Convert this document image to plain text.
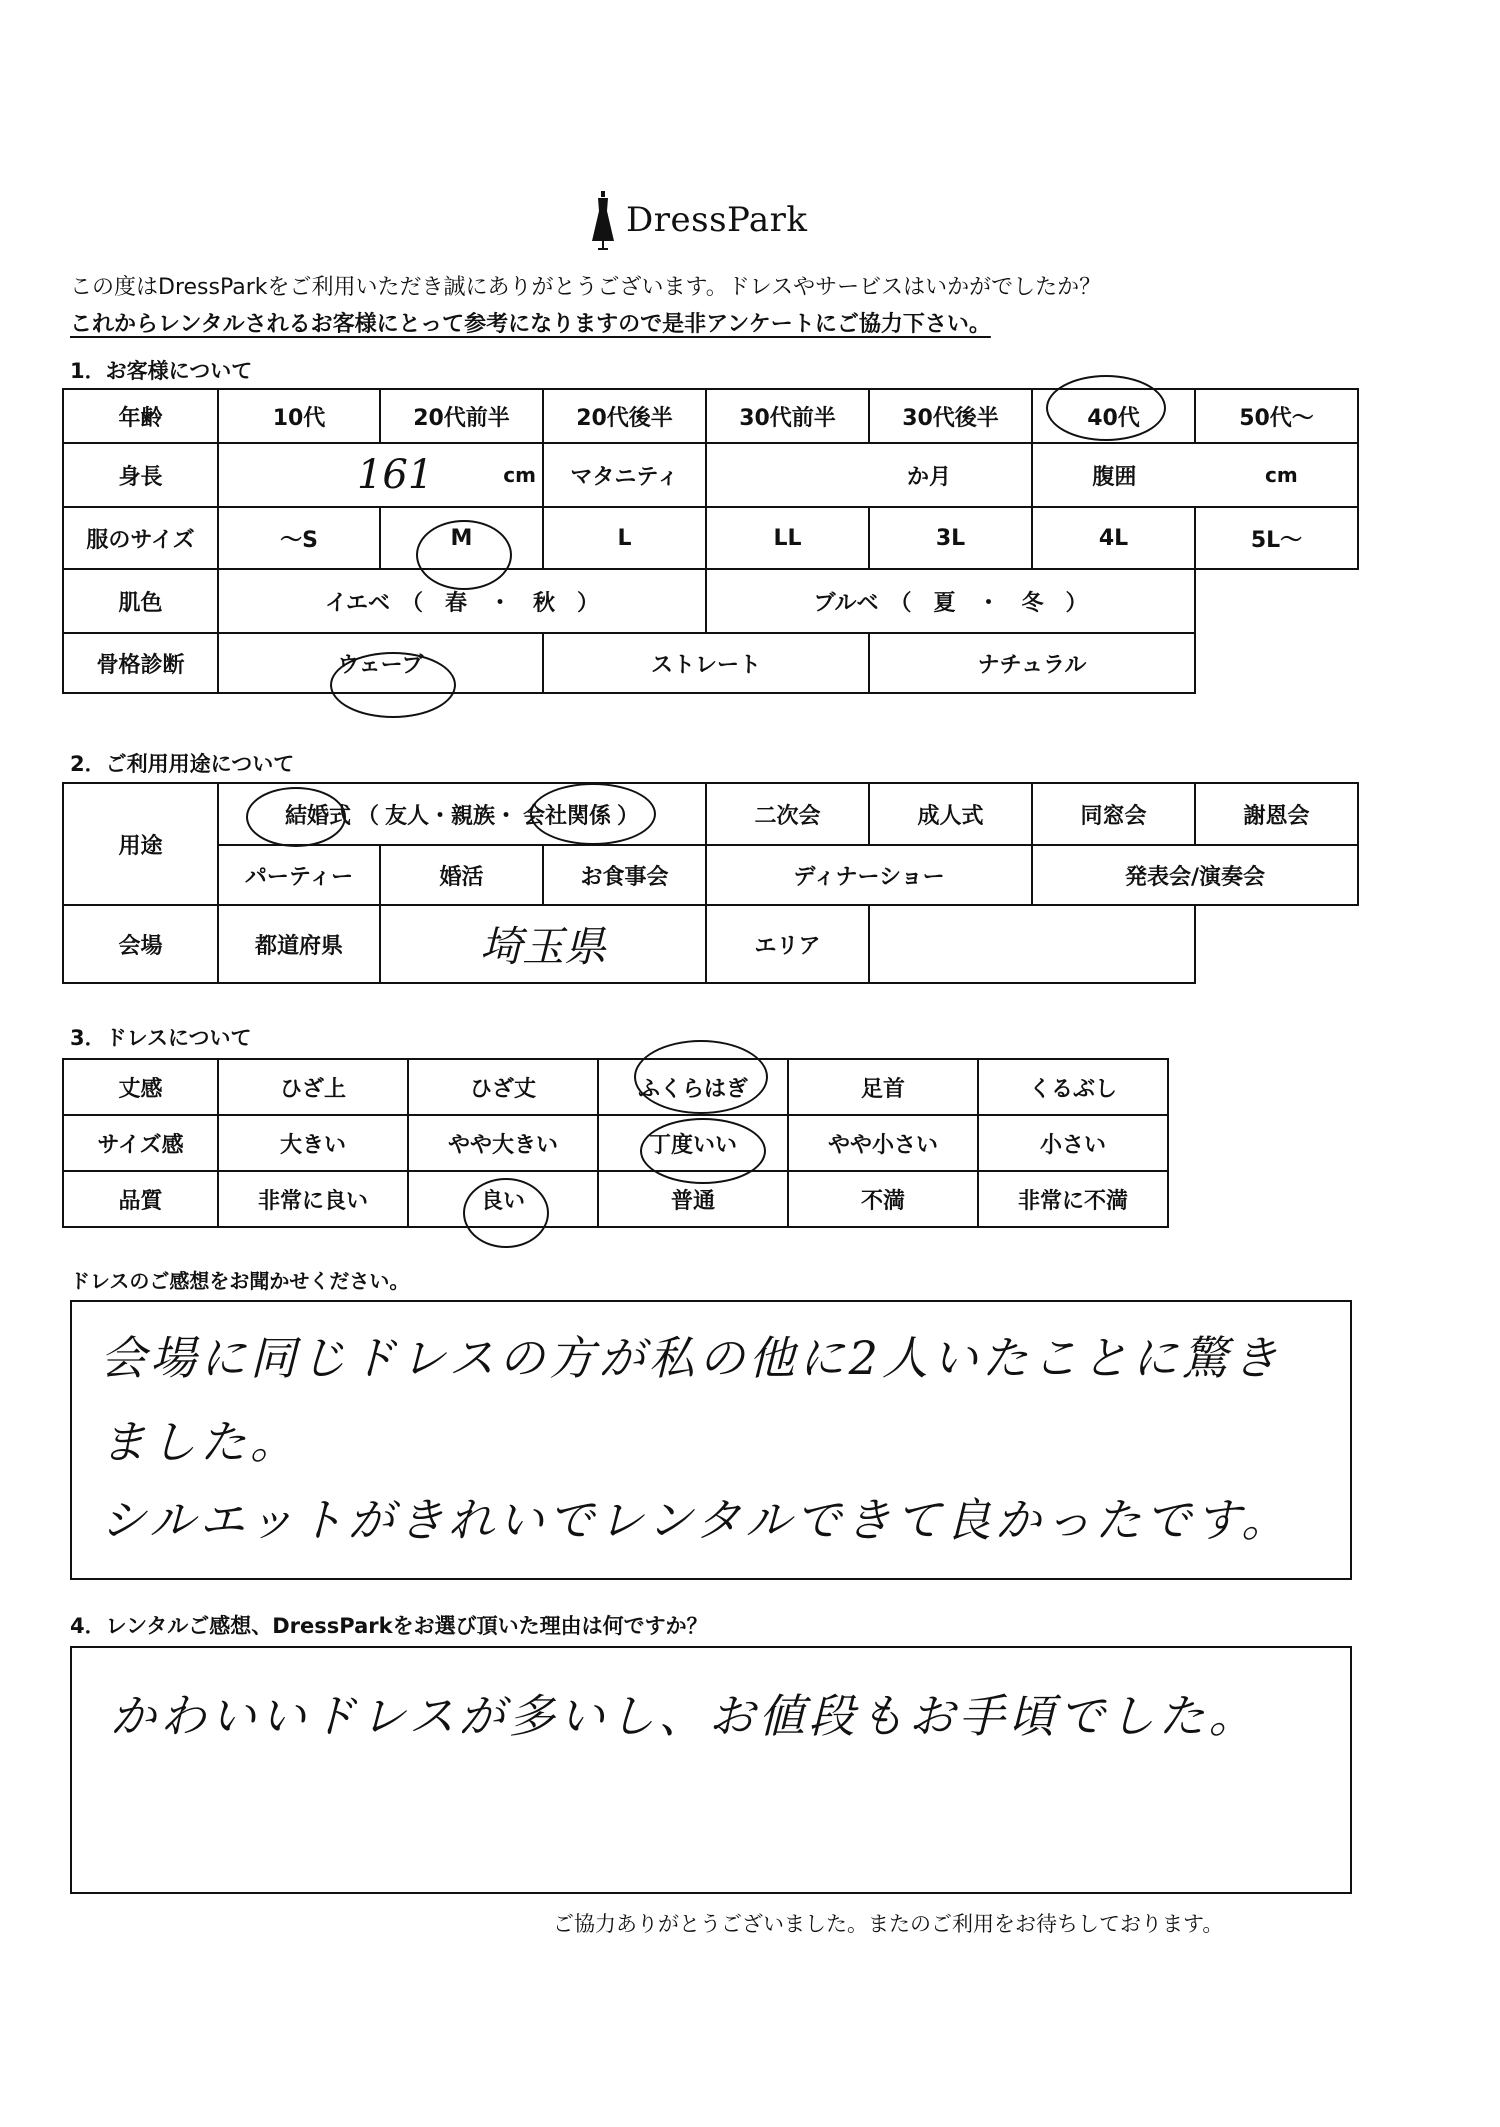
DressPark
この度はDressParkをご利用いただき誠にありがとうございます。ドレスやサービスはいかがでしたか？
これからレンタルされるお客様にとって参考になりますので是非アンケートにご協力下さい。
1．お客様について
年齢	10代	20代前半	20代後半	30代前半	30代後半	40代	50代～
身長	161 cm		マタニティ	か月		腹囲 cm	

服のサイズ	～S	M	L	LL	3L	4L	5L～
肌色	イエベ　（　春　・　秋　）			ブルベ　（　夏　・　冬　）			
骨格診断	ウェーブ		ストレート		ナチュラル		
2．ご利用用途について
用途	結婚式 （ 友人・親族・ 会社関係 ）			二次会	成人式	同窓会	謝恩会
	パーティー	婚活	お食事会	ディナーショー		発表会/演奏会	
会場	都道府県	埼玉県		エリア			
3．ドレスについて
丈感	ひざ上	ひざ丈	ふくらはぎ	足首	くるぶし
サイズ感	大きい	やや大きい	丁度いい	やや小さい	小さい
品質	非常に良い	良い	普通	不満	非常に不満
ドレスのご感想をお聞かせください。
会場に同じドレスの方が私の他に2人いたことに驚き
ました。
シルエットがきれいでレンタルできて良かったです。
4．レンタルご感想、DressParkをお選び頂いた理由は何ですか？
かわいいドレスが多いし、お値段もお手頃でした。
ご協力ありがとうございました。またのご利用をお待ちしております。
